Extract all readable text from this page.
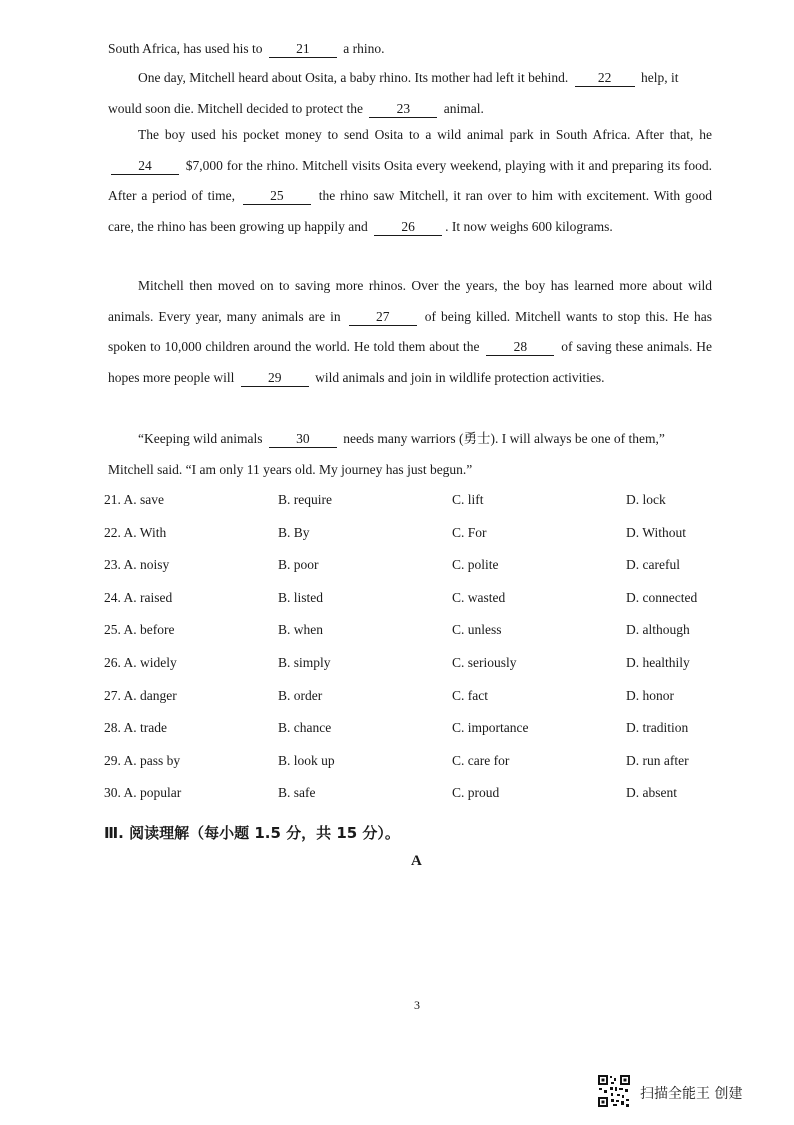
South Africa, has used his to 21 a rhino.
One day, Mitchell heard about Osita, a baby rhino. Its mother had left it behind. 22 help, it would soon die. Mitchell decided to protect the 23 animal.
The boy used his pocket money to send Osita to a wild animal park in South Africa. After that, he 24	$7,000 for the rhino. Mitchell visits Osita every weekend, playing with it and preparing its food. After a period of time,	25	the rhino saw Mitchell, it ran over to him with excitement. With good care, the rhino has been growing up happily and 26 . It now weighs 600 kilograms.
Mitchell then moved on to saving more rhinos. Over the years, the boy has learned more about wild animals. Every year, many animals are in	27	of being killed. Mitchell wants to stop this. He has spoken to 10,000 children around the world. He told them about the	28	of saving these animals. He hopes more people will 29 wild animals and join in wildlife protection activities.
“Keeping wild animals 30 needs many warriors (勇士). I will always be one of them,” Mitchell said. “I am only 11 years old. My journey has just begun.”
21. A. save	B. require	C. lift	D. lock
22. A. With	B. By	C. For	D. Without
23. A. noisy	B. poor	C. polite	D. careful
24. A. raised	B. listed	C. wasted	D. connected
25. A. before	B. when	C. unless	D. although
26. A. widely	B. simply	C. seriously	D. healthily
27. A. danger	B. order	C. fact	D. honor
28. A. trade	B. chance	C. importance	D. tradition
29. A. pass by	B. look up	C. care for	D. run after
30. A. popular	B. safe	C. proud	D. absent
Ⅲ. 阅读理解（每小题 1.5 分，共 15 分）。
A
3
扫描全能王 创建
